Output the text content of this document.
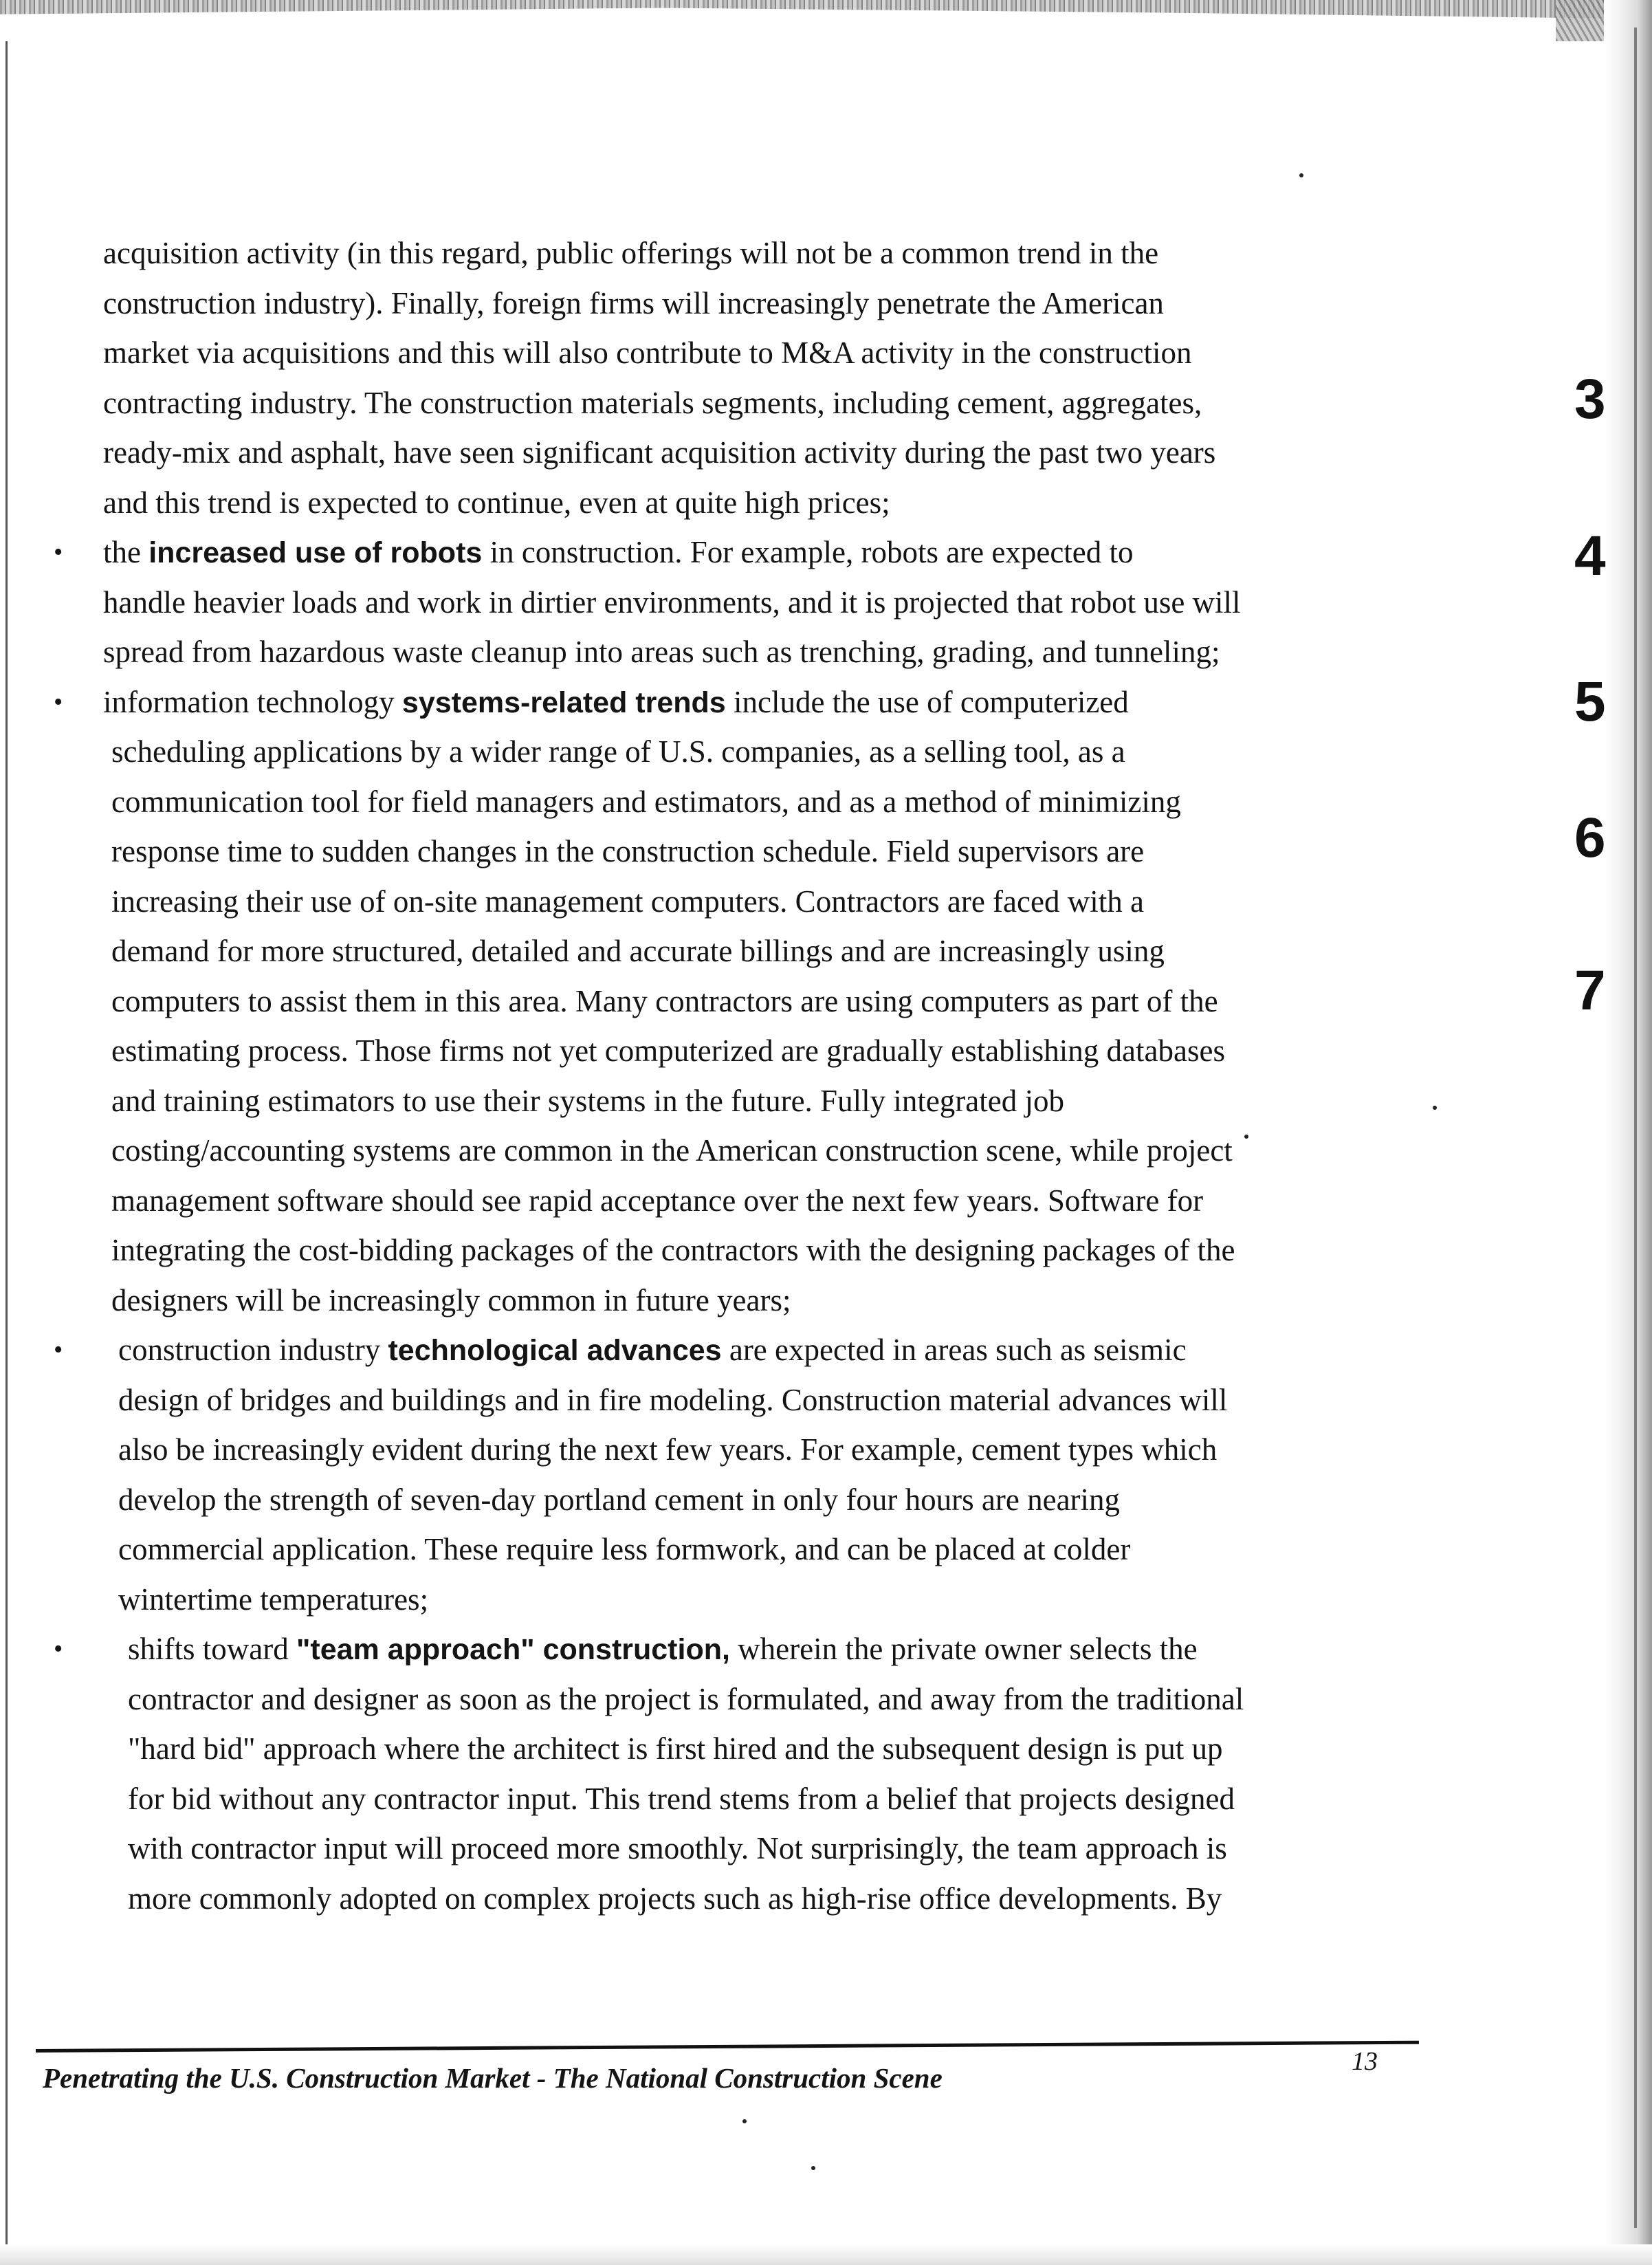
3
4
5
6
7
acquisition activity (in this regard, public offerings will not be a common trend in the
construction industry). Finally, foreign firms will increasingly penetrate the American
market via acquisitions and this will also contribute to M&A activity in the construction
contracting industry. The construction materials segments, including cement, aggregates,
ready-mix and asphalt, have seen significant acquisition activity during the past two years
and this trend is expected to continue, even at quite high prices;
• the increased use of robots in construction. For example, robots are expected to
handle heavier loads and work in dirtier environments, and it is projected that robot use will
spread from hazardous waste cleanup into areas such as trenching, grading, and tunneling;
• information technology systems-related trends include the use of computerized
scheduling applications by a wider range of U.S. companies, as a selling tool, as a
communication tool for field managers and estimators, and as a method of minimizing
response time to sudden changes in the construction schedule. Field supervisors are
increasing their use of on-site management computers. Contractors are faced with a
demand for more structured, detailed and accurate billings and are increasingly using
computers to assist them in this area. Many contractors are using computers as part of the
estimating process. Those firms not yet computerized are gradually establishing databases
and training estimators to use their systems in the future. Fully integrated job
costing/accounting systems are common in the American construction scene, while project
management software should see rapid acceptance over the next few years. Software for
integrating the cost-bidding packages of the contractors with the designing packages of the
designers will be increasingly common in future years;
• construction industry technological advances are expected in areas such as seismic
design of bridges and buildings and in fire modeling. Construction material advances will
also be increasingly evident during the next few years. For example, cement types which
develop the strength of seven-day portland cement in only four hours are nearing
commercial application. These require less formwork, and can be placed at colder
wintertime temperatures;
• shifts toward "team approach" construction, wherein the private owner selects the
contractor and designer as soon as the project is formulated, and away from the traditional
"hard bid" approach where the architect is first hired and the subsequent design is put up
for bid without any contractor input. This trend stems from a belief that projects designed
with contractor input will proceed more smoothly. Not surprisingly, the team approach is
more commonly adopted on complex projects such as high-rise office developments. By
Penetrating the U.S. Construction Market - The National Construction Scene
13
